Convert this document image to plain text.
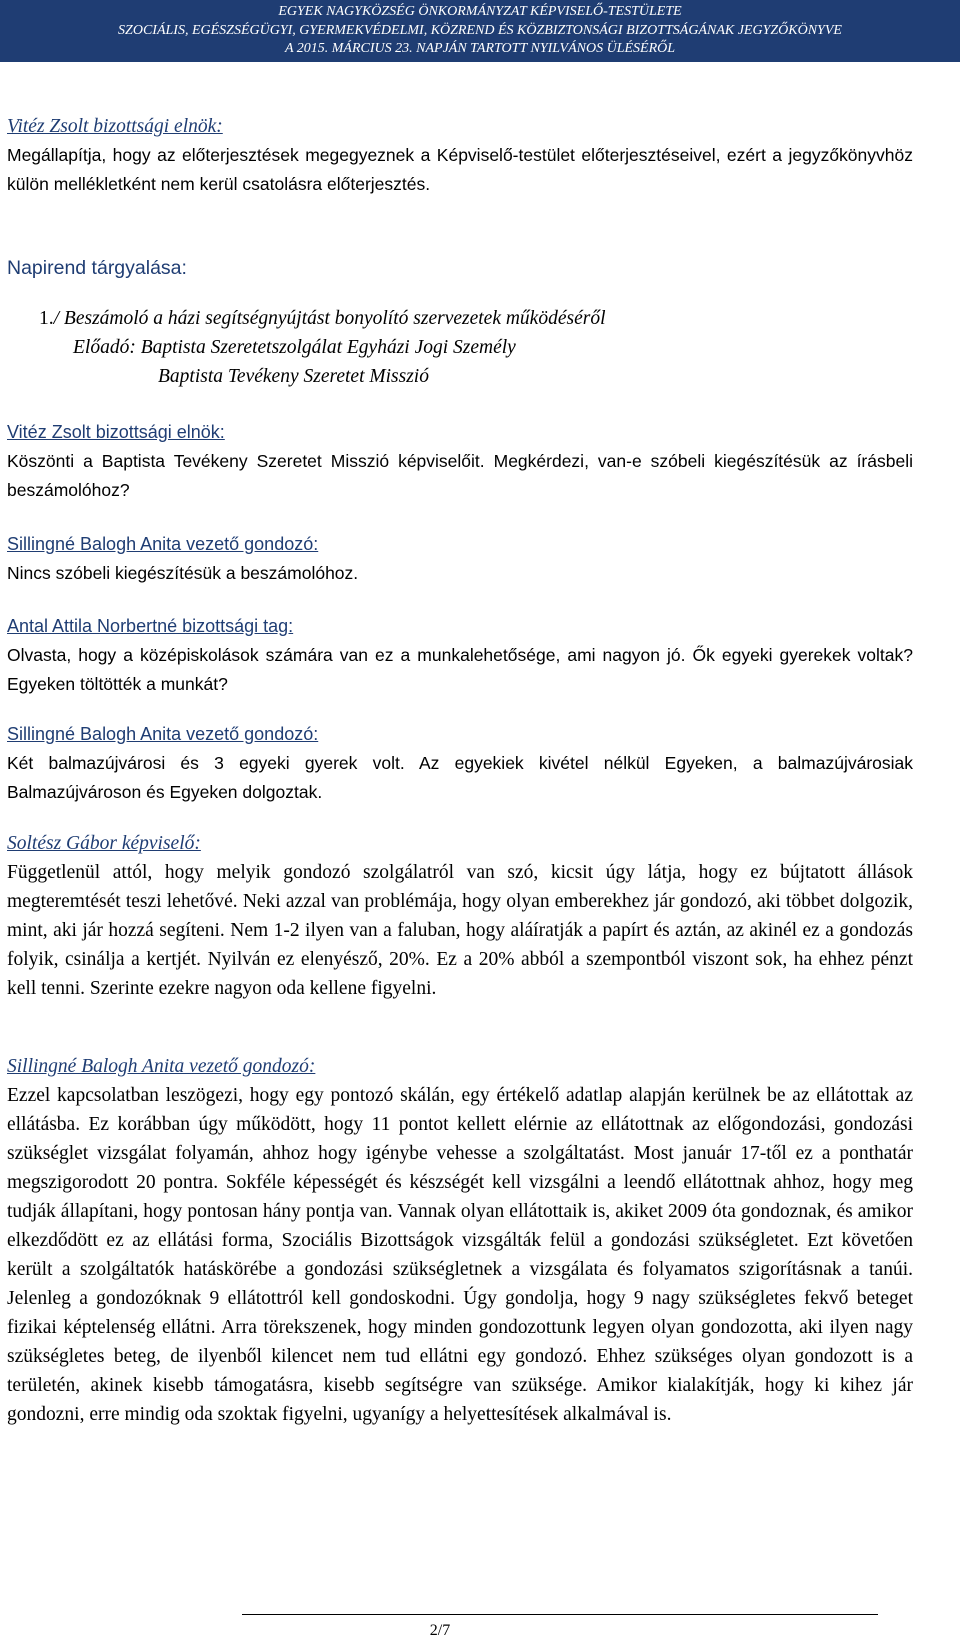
EGYEK NAGYKÖZSÉG ÖNKORMÁNYZAT KÉPVISELŐ-TESTÜLETE
SZOCIÁLIS, EGÉSZSÉGÜGYI, GYERMEKVÉDELMI, KÖZREND ÉS KÖZBIZTONSÁGI BIZOTTSÁGÁNAK JEGYZŐKÖNYVE
A 2015. MÁRCIUS 23. NAPJÁN TARTOTT NYILVÁNOS ÜLÉSÉRŐL
Vitéz Zsolt bizottsági elnök:
Megállapítja, hogy az előterjesztések megegyeznek a Képviselő-testület előterjesztéseivel, ezért a jegyzőkönyvhöz külön mellékletként nem kerül csatolásra előterjesztés.
Napirend tárgyalása:
1./ Beszámoló a házi segítségnyújtást bonyolító szervezetek működéséről
Előadó: Baptista Szeretetszolgálat Egyházi Jogi Személy
Baptista Tevékeny Szeretet Misszió
Vitéz Zsolt bizottsági elnök:
Köszönti a Baptista Tevékeny Szeretet Misszió képviselőit. Megkérdezi, van-e szóbeli kiegészítésük az írásbeli beszámolóhoz?
Sillingné Balogh Anita vezető gondozó:
Nincs szóbeli kiegészítésük a beszámolóhoz.
Antal Attila Norbertné bizottsági tag:
Olvasta, hogy a középiskolások számára van ez a munkalehetősége, ami nagyon jó. Ők egyeki gyerekek voltak? Egyeken töltötték a munkát?
Sillingné Balogh Anita vezető gondozó:
Két balmazújvárosi és 3 egyeki gyerek volt. Az egyekiek kivétel nélkül Egyeken, a balmazújvárosiak Balmazújvároson és Egyeken dolgoztak.
Soltész Gábor képviselő:
Függetlenül attól, hogy melyik gondozó szolgálatról van szó, kicsit úgy látja, hogy ez bújtatott állások megteremtését teszi lehetővé. Neki azzal van problémája, hogy olyan emberekhez jár gondozó, aki többet dolgozik, mint, aki jár hozzá segíteni. Nem 1-2 ilyen van a faluban, hogy aláíratják a papírt és aztán, az akinél ez a gondozás folyik, csinálja a kertjét. Nyilván ez elenyésző, 20%. Ez a 20% abból a szempontból viszont sok, ha ehhez pénzt kell tenni. Szerinte ezekre nagyon oda kellene figyelni.
Sillingné Balogh Anita vezető gondozó:
Ezzel kapcsolatban leszögezi, hogy egy pontozó skálán, egy értékelő adatlap alapján kerülnek be az ellátottak az ellátásba. Ez korábban úgy működött, hogy 11 pontot kellett elérnie az ellátottnak az előgondozási, gondozási szükséglet vizsgálat folyamán, ahhoz hogy igénybe vehesse a szolgáltatást. Most január 17-től ez a ponthatár megszigorodott 20 pontra. Sokféle képességét és készségét kell vizsgálni a leendő ellátottnak ahhoz, hogy meg tudják állapítani, hogy pontosan hány pontja van. Vannak olyan ellátottaik is, akiket 2009 óta gondoznak, és amikor elkezdődött ez az ellátási forma, Szociális Bizottságok vizsgálták felül a gondozási szükségletet. Ezt követően került a szolgáltatók hatáskörébe a gondozási szükségletnek a vizsgálata és folyamatos szigorításnak a tanúi. Jelenleg a gondozóknak 9 ellátottról kell gondoskodni. Úgy gondolja, hogy 9 nagy szükségletes fekvő beteget fizikai képtelenség ellátni. Arra törekszenek, hogy minden gondozottunk legyen olyan gondozotta, aki ilyen nagy szükségletes beteg, de ilyenből kilencet nem tud ellátni egy gondozó. Ehhez szükséges olyan gondozott is a területén, akinek kisebb támogatásra, kisebb segítségre van szüksége. Amikor kialakítják, hogy ki kihez jár gondozni, erre mindig oda szoktak figyelni, ugyanígy a helyettesítések alkalmával is.
2/7
